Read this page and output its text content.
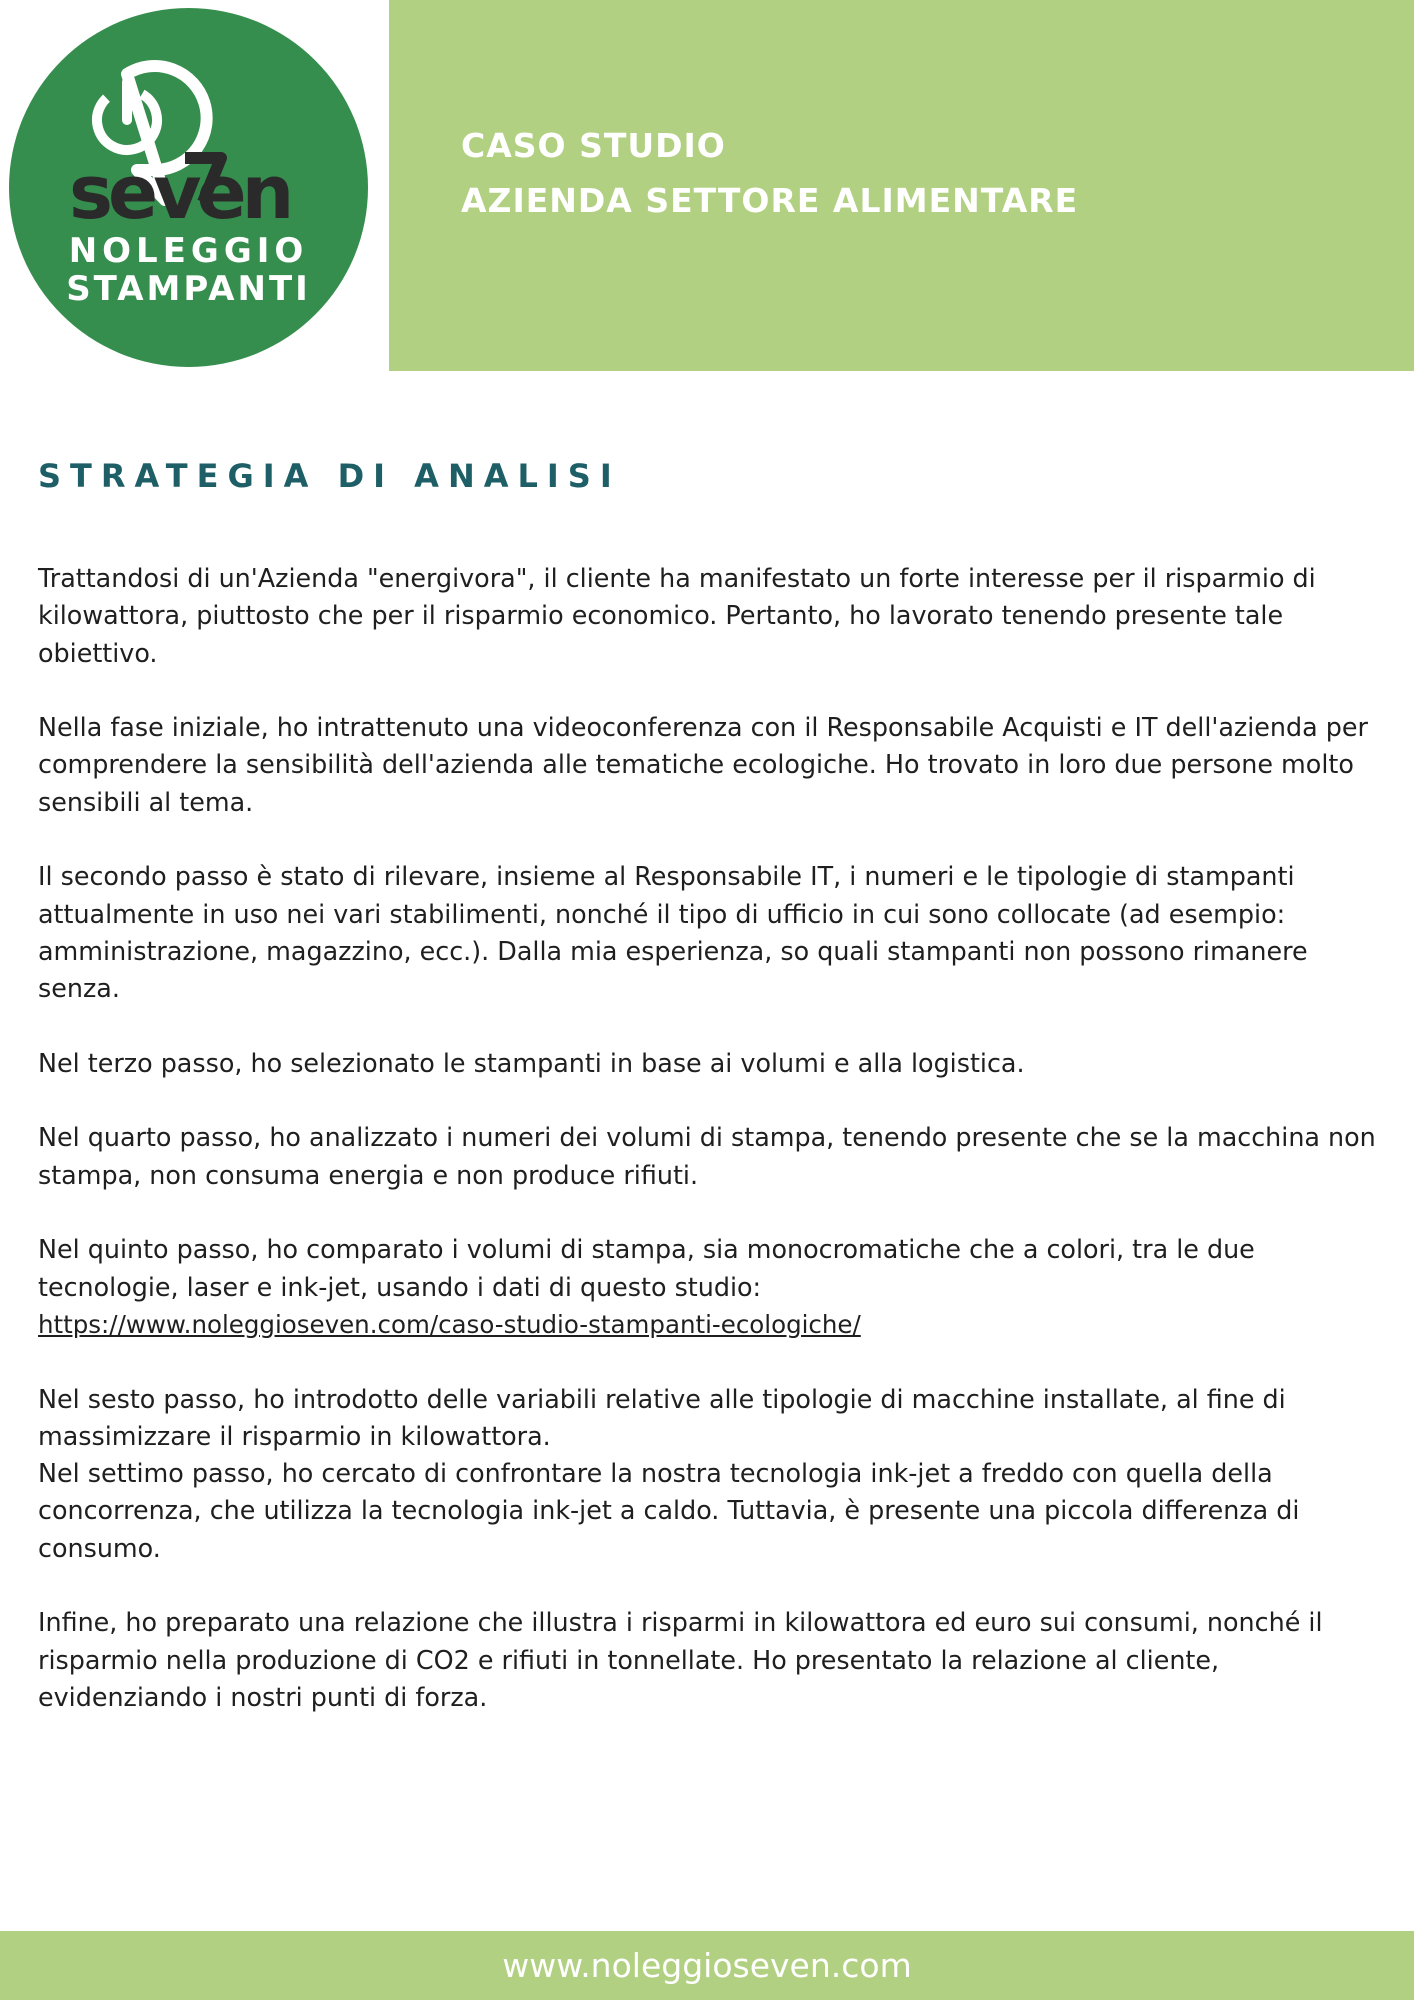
seven
NOLEGGIO
STAMPANTI
CASO STUDIO
AZIENDA SETTORE ALIMENTARE
STRATEGIA DI ANALISI

Trattandosi di un'Azienda "energivora", il cliente ha manifestato un forte interesse per il risparmio di kilowattora, piuttosto che per il risparmio economico. Pertanto, ho lavorato tenendo presente tale obiettivo.

Nella fase iniziale, ho intrattenuto una videoconferenza con il Responsabile Acquisti e IT dell'azienda per comprendere la sensibilità dell'azienda alle tematiche ecologiche. Ho trovato in loro due persone molto sensibili al tema.

Il secondo passo è stato di rilevare, insieme al Responsabile IT, i numeri e le tipologie di stampanti attualmente in uso nei vari stabilimenti, nonché il tipo di ufficio in cui sono collocate (ad esempio: amministrazione, magazzino, ecc.). Dalla mia esperienza, so quali stampanti non possono rimanere senza.

Nel terzo passo, ho selezionato le stampanti in base ai volumi e alla logistica.

Nel quarto passo, ho analizzato i numeri dei volumi di stampa, tenendo presente che se la macchina non stampa, non consuma energia e non produce rifiuti.

Nel quinto passo, ho comparato i volumi di stampa, sia monocromatiche che a colori, tra le due tecnologie, laser e ink-jet, usando i dati di questo studio:
https://www.noleggioseven.com/caso-studio-stampanti-ecologiche/

Nel sesto passo, ho introdotto delle variabili relative alle tipologie di macchine installate, al fine di massimizzare il risparmio in kilowattora.

Nel settimo passo, ho cercato di confrontare la nostra tecnologia ink-jet a freddo con quella della concorrenza, che utilizza la tecnologia ink-jet a caldo. Tuttavia, è presente una piccola differenza di consumo.

Infine, ho preparato una relazione che illustra i risparmi in kilowattora ed euro sui consumi, nonché il risparmio nella produzione di CO2 e rifiuti in tonnellate. Ho presentato la relazione al cliente, evidenziando i nostri punti di forza.

www.noleggioseven.com
